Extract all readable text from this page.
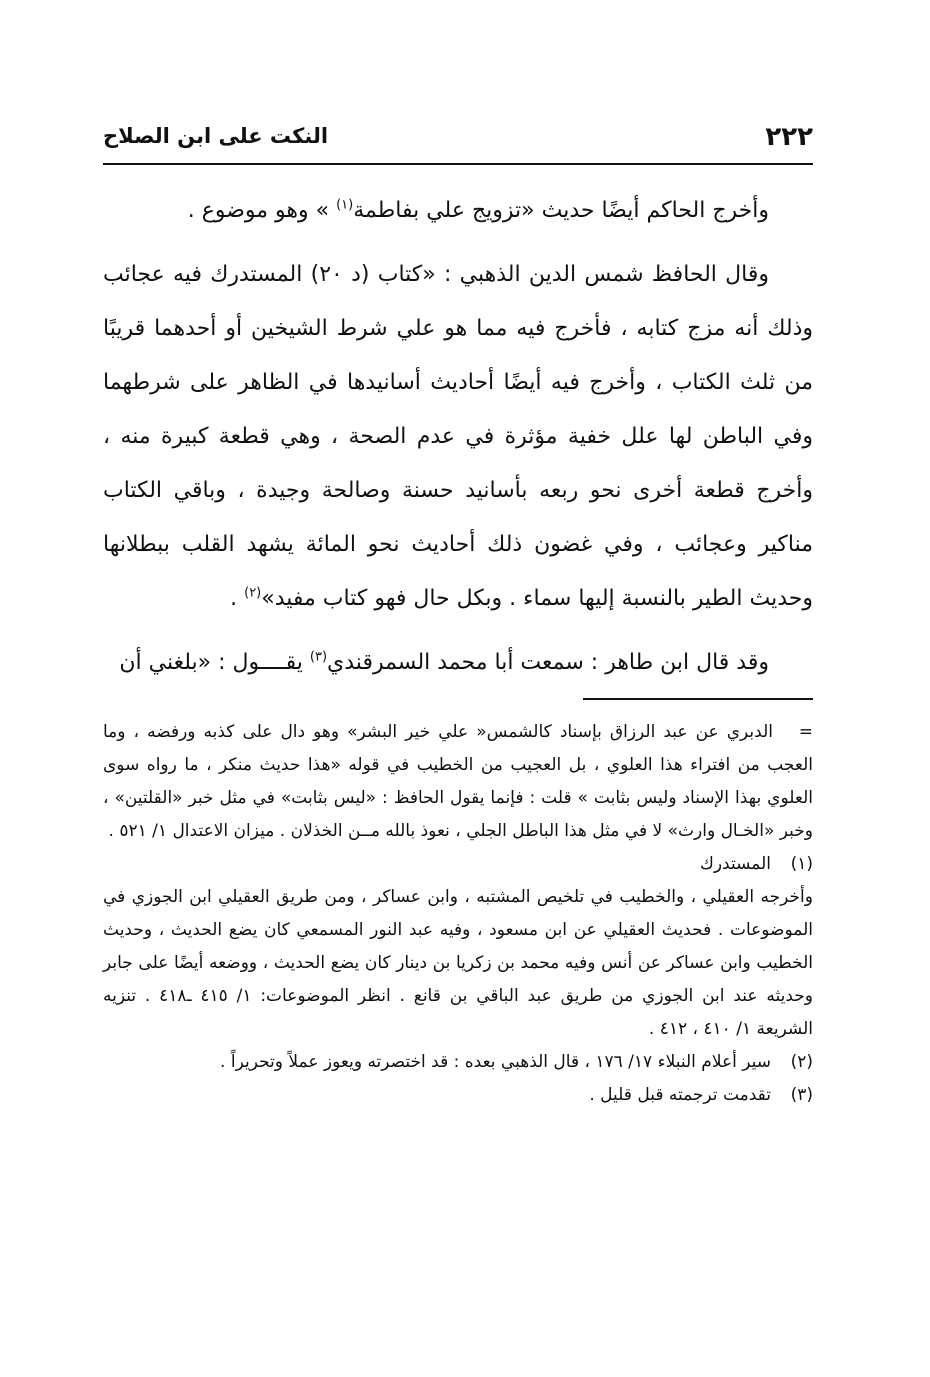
٢٢٢
النكت على ابن الصلاح

وأخرج الحاكم أيضًا حديث «تزويج علي بفاطمة$^{(١)}$ » وهو موضوع .

وقال الحافظ شمس الدين الذهبي : «كتاب (د ٢٠) المستدرك فيه عجائب وذلك أنه مزج كتابه ، فأخرج فيه مما هو علي شرط الشيخين أو أحدهما قريبًا من ثلث الكتاب ، وأخرج فيه أيضًا أحاديث أسانيدها في الظاهر على شرطهما وفي الباطن لها علل خفية مؤثرة في عدم الصحة ، وهي قطعة كبيرة منه ، وأخرج قطعة أخرى نحو ربعه بأسانيد حسنة وصالحة وجيدة ، وباقي الكتاب مناكير وعجائب ، وفي غضون ذلك أحاديث نحو المائة يشهد القلب ببطلانها وحديث الطير بالنسبة إليها سماء . وبكل حال فهو كتاب مفيد»$^{(٢)}$ .

وقد قال ابن طاهر : سمعت أبا محمد السمرقندي$^{(٣)}$ يقــــول : «بلغني أن

=الدبري عن عبد الرزاق بإسناد كالشمس« علي خير البشر» وهو دال على كذبه ورفضه ، وما العجب من افتراء هذا العلوي ، بل العجيب من الخطيب في قوله «هذا حديث منكر ، ما رواه سوى العلوي بهذا الإسناد وليس بثابت » قلت : فإنما يقول الحافظ : «ليس بثابت» في مثل خبر «القلتين» ، وخبر «الخـال وارث» لا في مثل هذا الباطل الجلي ، نعوذ بالله مــن الخذلان . ميزان الاعتدال ١/ ٥٢١ .

(١)
المستدرك

وأخرجه العقيلي ، والخطيب في تلخيص المشتبه ، وابن عساكر ، ومن طريق العقيلي ابن الجوزي في الموضوعات . فحديث العقيلي عن ابن مسعود ، وفيه عبد النور المسمعي كان يضع الحديث ، وحديث الخطيب وابن عساكر عن أنس وفيه محمد بن زكريا بن دينار كان يضع الحديث ، ووضعه أيضًا على جابر وحديثه عند ابن الجوزي من طريق عبد الباقي بن قانع . انظر الموضوعات: ١/ ٤١٥ ـ٤١٨ . تنزيه الشريعة ١/ ٤١٠ ، ٤١٢ .

(٢)
سير أعلام النبلاء ١٧/ ١٧٦ ، قال الذهبي بعده : قد اختصرته ويعوز عملاً وتحريراً .
(٣)
تقدمت ترجمته قبل قليل .
